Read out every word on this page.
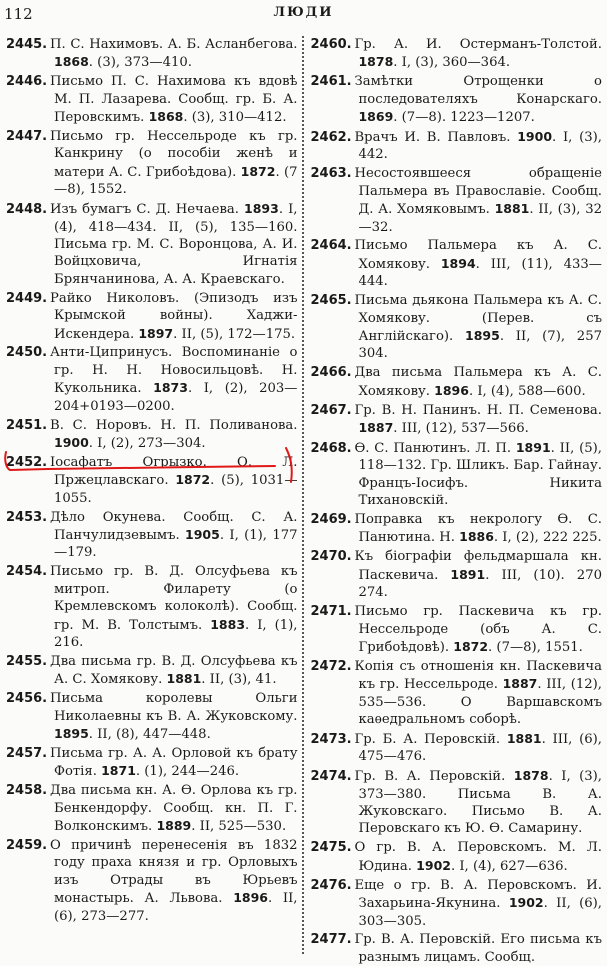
112	ЛЮДИ
2445. П. С. Нахимовъ. А. Б. Асланбегова. 1868. (3), 373—410.
2446. Письмо П. С. Нахимова къ вдовѣ М. П. Лазарева. Сообщ. гр. Б. А. Перовскимъ. 1868. (3), 310—412.
2447. Письмо гр. Нессельроде къ гр. Канкрину (о пособіи женѣ и матери А. С. Грибоѣдова). 1872. (7—8), 1552.
2448. Изъ бумагъ С. Д. Нечаева. 1893. I, (4), 418—434. II, (5), 135—160. Письма гр. М. С. Воронцова, А. И. Войцховича, Игнатія Брянчанинова, А. А. Краевскаго.
2449. Райко Николовъ. (Эпизодъ изъ Крымской войны). Хаджи-Искендера. 1897. II, (5), 172—175.
2450. Анти-Ципринусъ. Воспоминаніе о гр. Н. Н. Новосильцовѣ. Н. Кукольника. 1873. I, (2), 203—204+0193—0200.
2451. В. С. Норовъ. Н. П. Поливанова. 1900. I, (2), 273—304.
2452. Іосафатъ Огрызко. О. Л. Пржецлавскаго. 1872. (5), 1031—1055.
2453. Дѣло Окунева. Сообщ. С. А. Панчулидзевымъ. 1905. I, (1), 177—179.
2454. Письмо гр. В. Д. Олсуфьева къ митроп. Филарету (о Кремлевскомъ колоколѣ). Сообщ. гр. М. В. Толстымъ. 1883. I, (1), 216.
2455. Два письма гр. В. Д. Олсуфьева къ А. С. Хомякову. 1881. II, (3), 41.
2456. Письма королевы Ольги Николаевны къ В. А. Жуковскому. 1895. II, (8), 447—448.
2457. Письма гр. А. А. Орловой къ брату Фотія. 1871. (1), 244—246.
2458. Два письма кн. А. Ѳ. Орлова къ гр. Бенкендорфу. Сообщ. кн. П. Г. Волконскимъ. 1889. II, 525—530.
2459. О причинѣ перенесенія въ 1832 году праха князя и гр. Орловыхъ изъ Отрады въ Юрьевъ монастырь. А. Львова. 1896. II, (6), 273—277.
2460. Гр. А. И. Остерманъ-Толстой. 1878. I, (3), 360—364.
2461. Замѣтки Отрощенки о последователяхъ Конарскаго. 1869. (7—8). 1223—1207.
2462. Врачъ И. В. Павловъ. 1900. I, (3), 442.
2463. Несостоявшееся обращеніе Пальмера въ Православіе. Сообщ. Д. А. Хомяковымъ. 1881. II, (3), 32—32.
2464. Письмо Пальмера къ А. С. Хомякову. 1894. III, (11), 433—444.
2465. Письма дьякона Пальмера къ А. С. Хомякову. (Перев. съ Англійскаго). 1895. II, (7), 257 304.
2466. Два письма Пальмера къ А. С. Хомякову. 1896. I, (4), 588—600.
2467. Гр. В. Н. Панинъ. Н. П. Семенова. 1887. III, (12), 537—566.
2468. Ѳ. С. Панютинъ. Л. П. 1891. II, (5), 118—132. Гр. Шликъ. Бар. Гайнау. Францъ-Іосифъ. Никита Тихановскій.
2469. Поправка къ некрологу Ѳ. С. Панютина. Н. 1886. I, (2), 222 225.
2470. Къ біографіи фельдмаршала кн. Паскевича. 1891. III, (10). 270 274.
2471. Письмо гр. Паскевича къ гр. Нессельроде (объ А. С. Грибоѣдовѣ). 1872. (7—8), 1551.
2472. Копія съ отношенія кн. Паскевича къ гр. Нессельроде. 1887. III, (12), 535—536. О Варшавскомъ каѳедральномъ соборѣ.
2473. Гр. Б. А. Перовскій. 1881. III, (6), 475—476.
2474. Гр. В. А. Перовскій. 1878. I, (3), 373—380. Письма В. А. Жуковскаго. Письмо В. А. Перовскаго къ Ю. Ѳ. Самарину.
2475. О гр. В. А. Перовскомъ. М. Л. Юдина. 1902. I, (4), 627—636.
2476. Еще о гр. В. А. Перовскомъ. И. Захарьина-Якунина. 1902. II, (6), 303—305.
2477. Гр. В. А. Перовскій. Его письма къ разнымъ лицамъ. Сообщ.
